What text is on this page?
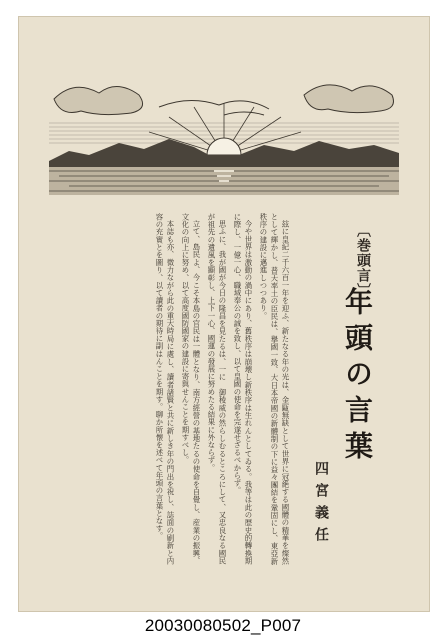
〔巻頭言〕
年頭の言葉
四宮義任

玆に皇紀二千六百一年を迎ふ、新たなる年の光は、金甌無缺として世界に冠絶する國體の精華を燦然として輝かし、普天率土の臣民は、擧國一致、大日本帝國の新體制の下に益々團結を鞏固にし、東亞新秩序の建設に邁進しつつあり。

今や世界は激動の渦中にあり、舊秩序は崩壊し新秩序は生れんとしてゐる。我等は此の歴史的轉換期に際し、一億一心、職域奉公の誠を致し、以て皇國の使命を完遂せざるべからず。

思ふに、我が國が今日の隆昌を見たるは、一に　御稜威の然らしむるところにして、又忠良なる國民が祖先の遺風を顯彰し、上下一心、國運の發展に努めたる結果に外ならず。

立て、島民よ、今こそ本島の官民は一體となり、南方經營の基地たるの使命を自覺し、産業の振興、文化の向上に努め、以て高度國防國家の建設に寄與せんことを期すべし。

本誌も亦、微力ながら此の重大時局に處し、讀者諸賢と共に新しき年の門出を祝し、誌面の刷新と内容の充實とを圖り、以て讀者の期待に副はんことを期す。聊か所懐を述べて年頭の言葉となす。

20030080502_P007
